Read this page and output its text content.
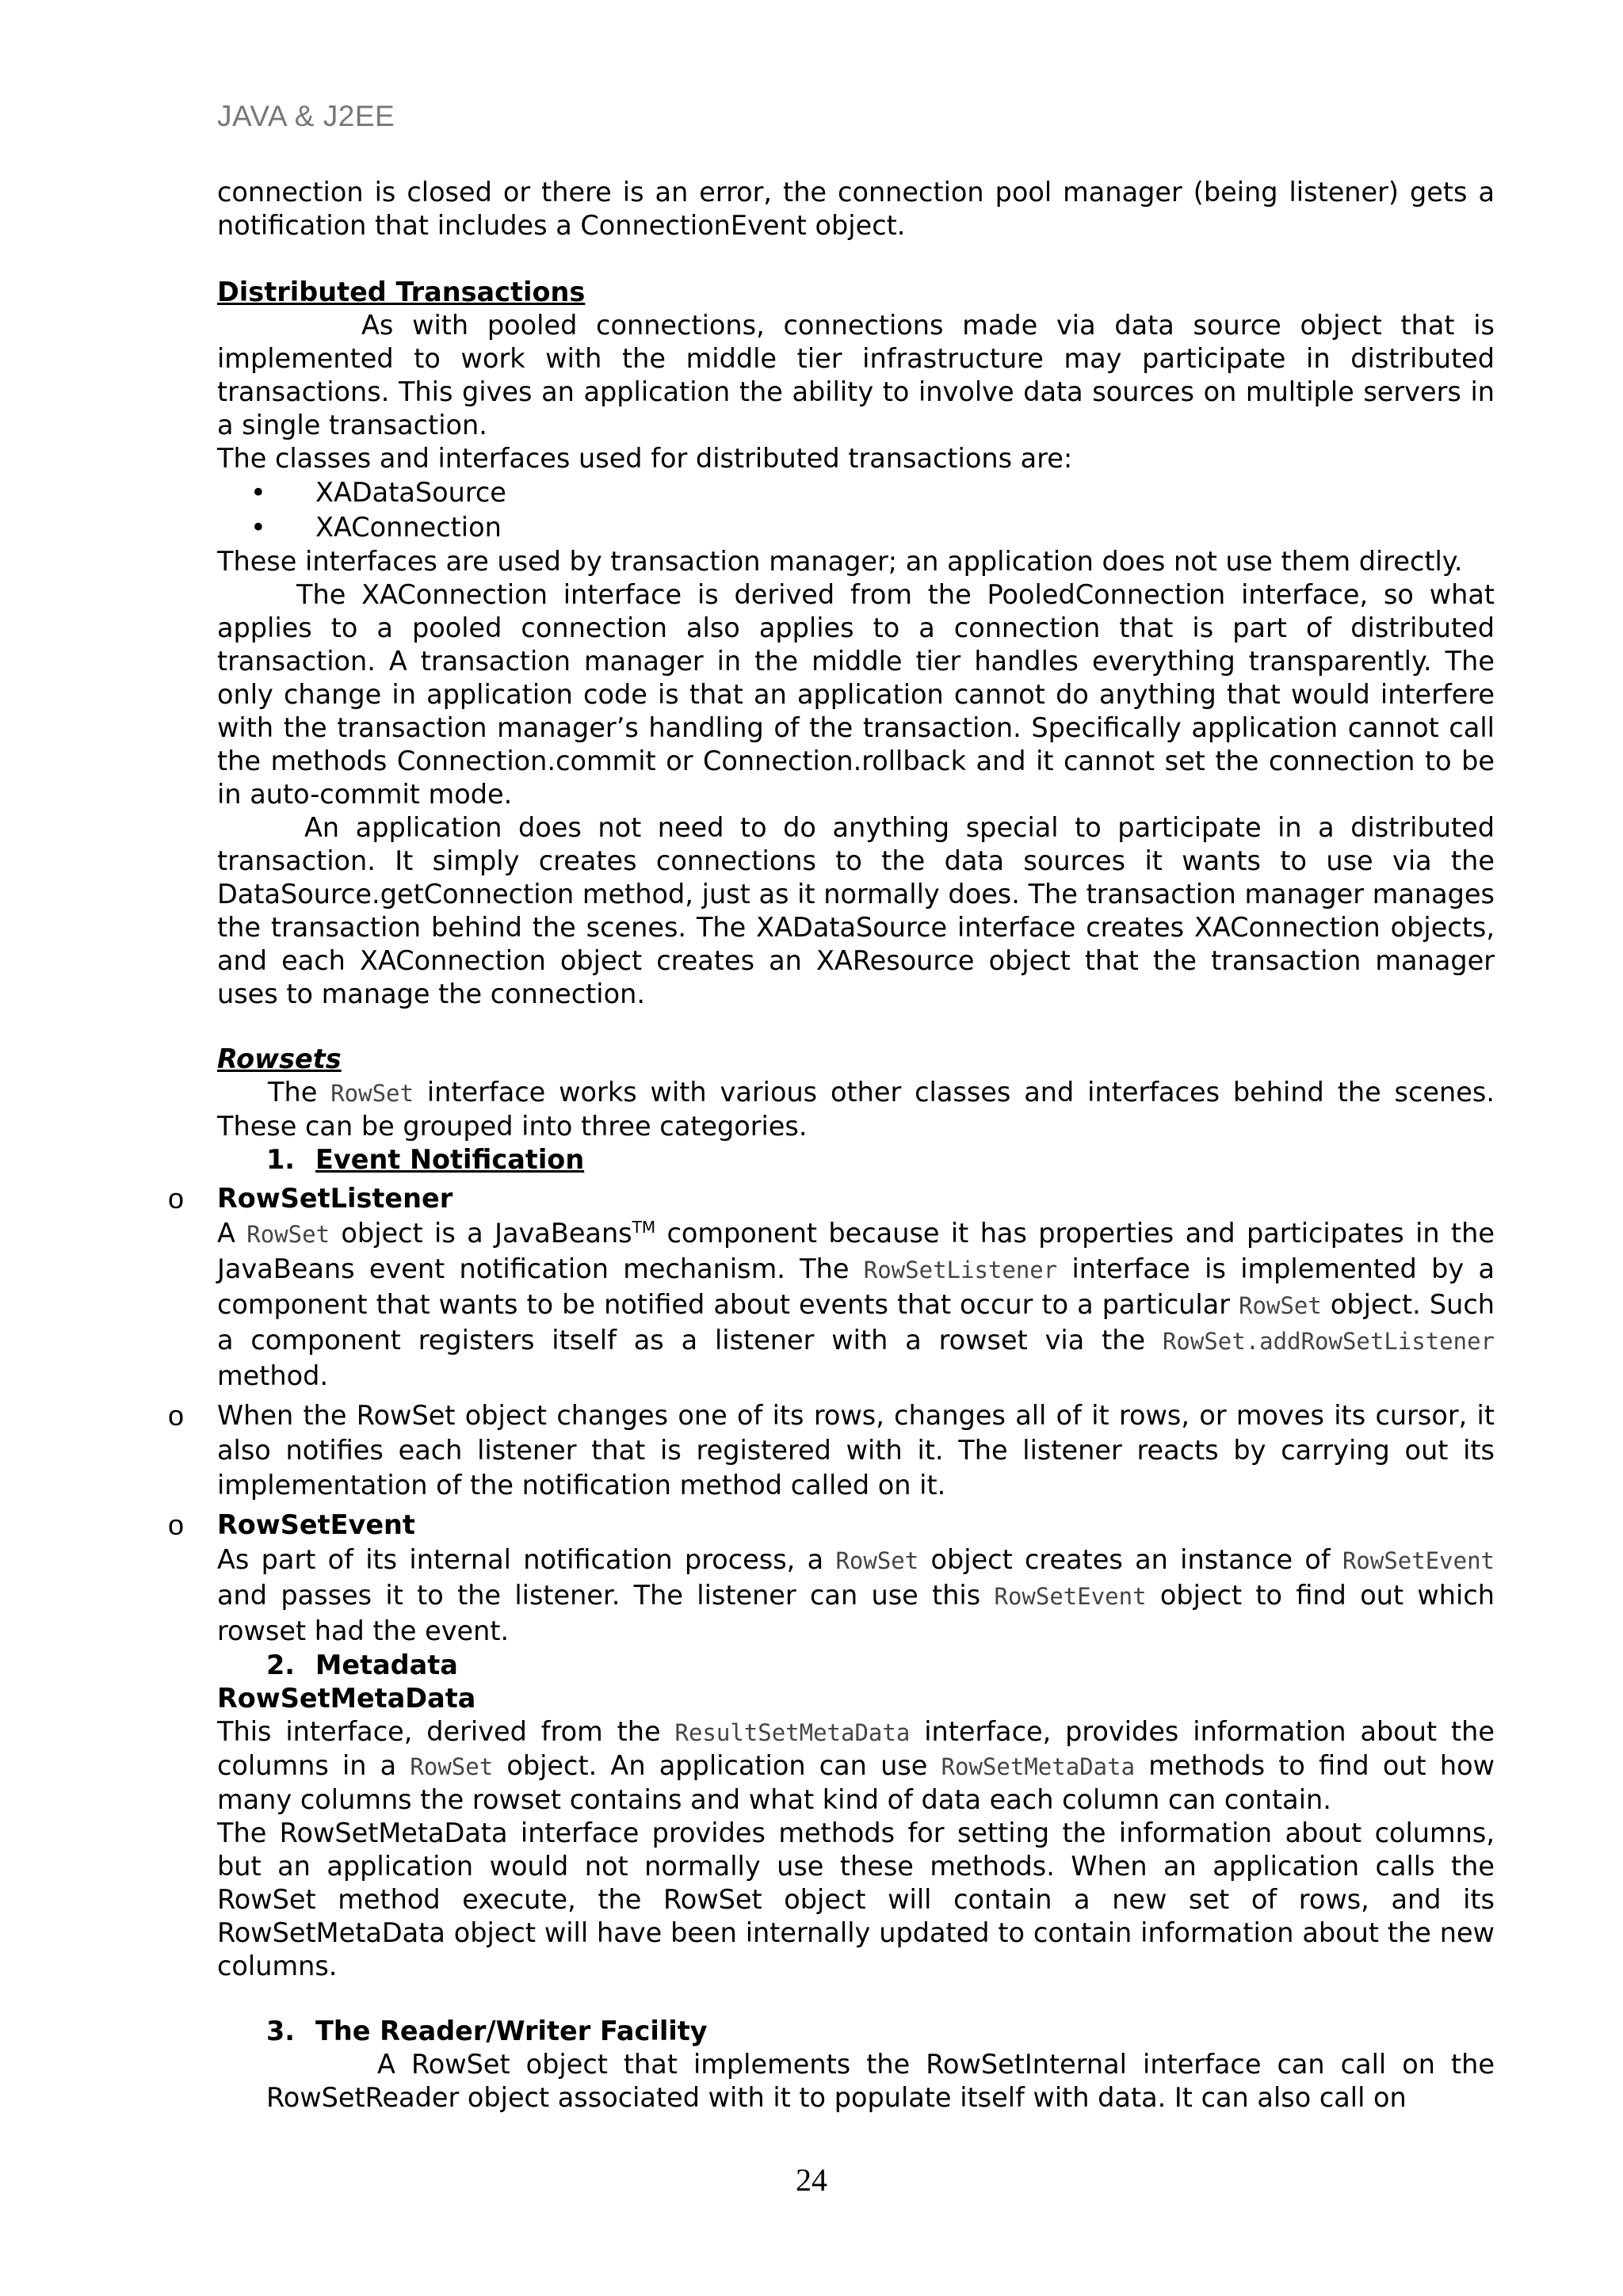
JAVA & J2EE

connection is closed or there is an error, the connection pool manager (being listener) gets a notification that includes a ConnectionEvent object.

Distributed Transactions

As with pooled connections, connections made via data source object that is implemented to work with the middle tier infrastructure may participate in distributed transactions. This gives an application the ability to involve data sources on multiple servers in a single transaction.

The classes and interfaces used for distributed transactions are:

• XADataSource
• XAConnection

These interfaces are used by transaction manager; an application does not use them directly.

The XAConnection interface is derived from the PooledConnection interface, so what applies to a pooled connection also applies to a connection that is part of distributed transaction. A transaction manager in the middle tier handles everything transparently. The only change in application code is that an application cannot do anything that would interfere with the transaction manager’s handling of the transaction. Specifically application cannot call the methods Connection.commit or Connection.rollback and it cannot set the connection to be in auto-commit mode.

An application does not need to do anything special to participate in a distributed transaction. It simply creates connections to the data sources it wants to use via the DataSource.getConnection method, just as it normally does. The transaction manager manages the transaction behind the scenes. The XADataSource interface creates XAConnection objects, and each XAConnection object creates an XAResource object that the transaction manager uses to manage the connection.

Rowsets

The RowSet interface works with various other classes and interfaces behind the scenes. These can be grouped into three categories.

1. Event Notification
o RowSetListener

A RowSet object is a JavaBeans™ component because it has properties and participates in the JavaBeans event notification mechanism. The RowSetListener interface is implemented by a component that wants to be notified about events that occur to a particular RowSet object. Such a component registers itself as a listener with a rowset via the RowSet.addRowSetListener method.

o When the RowSet object changes one of its rows, changes all of it rows, or moves its cursor, it also notifies each listener that is registered with it. The listener reacts by carrying out its implementation of the notification method called on it.

o RowSetEvent

As part of its internal notification process, a RowSet object creates an instance of RowSetEvent and passes it to the listener. The listener can use this RowSetEvent object to find out which rowset had the event.

2. Metadata
RowSetMetaData

This interface, derived from the ResultSetMetaData interface, provides information about the columns in a RowSet object. An application can use RowSetMetaData methods to find out how many columns the rowset contains and what kind of data each column can contain.

The RowSetMetaData interface provides methods for setting the information about columns, but an application would not normally use these methods. When an application calls the RowSet method execute, the RowSet object will contain a new set of rows, and its RowSetMetaData object will have been internally updated to contain information about the new columns.

3. The Reader/Writer Facility

A RowSet object that implements the RowSetInternal interface can call on the RowSetReader object associated with it to populate itself with data. It can also call on

24
